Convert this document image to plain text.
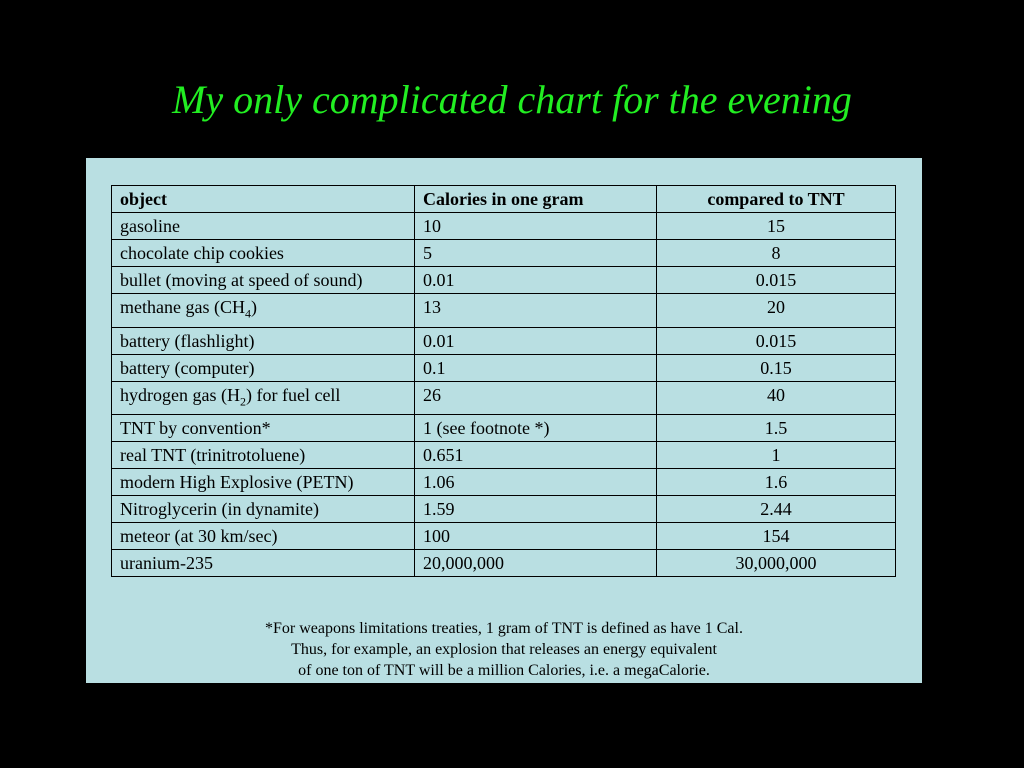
My only complicated chart for the evening
object	Calories in one gram	compared to TNT
gasoline	10	15
chocolate chip cookies	5	8
bullet (moving at speed of sound)	0.01	0.015
methane gas $(CH_4)$	13	20
battery (flashlight)	0.01	0.015
battery (computer)	0.1	0.15
hydrogen gas $(H_2)$ for fuel cell	26	40
TNT by convention*	1 (see footnote *)	1.5
real TNT (trinitrotoluene)	0.651	1
modern High Explosive (PETN)	1.06	1.6
Nitroglycerin (in dynamite)	1.59	2.44
meteor (at 30 km/sec)	100	154
uranium-235	20,000,000	30,000,000
*For weapons limitations treaties, 1 gram of TNT is defined as have 1 Cal.
Thus, for example, an explosion that releases an energy equivalent
of one ton of TNT will be a million Calories, i.e. a megaCalorie.
